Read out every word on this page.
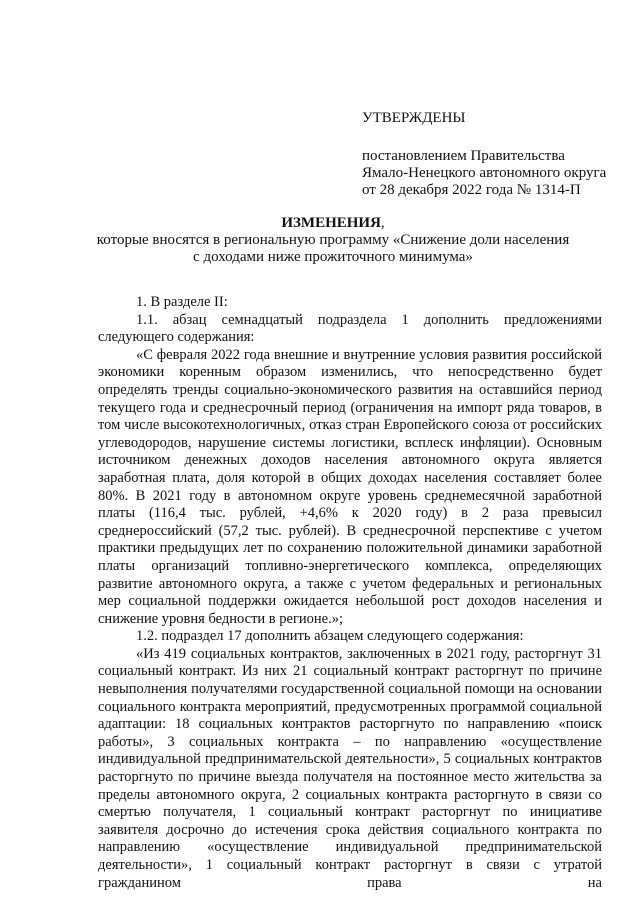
УТВЕРЖДЕНЫ
постановлением Правительства
Ямало-Ненецкого автономного округа
от 28 декабря 2022 года № 1314-П
ИЗМЕНЕНИЯ,
которые вносятся в региональную программу «Снижение доли населения с доходами ниже прожиточного минимума»

1. В разделе II:

1.1. абзац семнадцатый подраздела 1 дополнить предложениями следующего содержания:

«С февраля 2022 года внешние и внутренние условия развития российской экономики коренным образом изменились, что непосредственно будет определять тренды социально-экономического развития на оставшийся период текущего года и среднесрочный период (ограничения на импорт ряда товаров, в том числе высокотехнологичных, отказ стран Европейского союза от российских углеводородов, нарушение системы логистики, всплеск инфляции). Основным источником денежных доходов населения автономного округа является заработная плата, доля которой в общих доходах населения составляет более 80%. В 2021 году в автономном округе уровень среднемесячной заработной платы (116,4 тыс. рублей, +4,6% к 2020 году) в 2 раза превысил среднероссийский (57,2 тыс. рублей). В среднесрочной перспективе с учетом практики предыдущих лет по сохранению положительной динамики заработной платы организаций топливно-энергетического комплекса, определяющих развитие автономного округа, а также с учетом федеральных и региональных мер социальной поддержки ожидается небольшой рост доходов населения и снижение уровня бедности в регионе.»;

1.2. подраздел 17 дополнить абзацем следующего содержания:

«Из 419 социальных контрактов, заключенных в 2021 году, расторгнут 31 социальный контракт. Из них 21 социальный контракт расторгнут по причине невыполнения получателями государственной социальной помощи на основании социального контракта мероприятий, предусмотренных программой социальной адаптации: 18 социальных контрактов расторгнуто по направлению «поиск работы», 3 социальных контракта – по направлению «осуществление индивидуальной предпринимательской деятельности», 5 социальных контрактов расторгнуто по причине выезда получателя на постоянное место жительства за пределы автономного округа, 2 социальных контракта расторгнуто в связи со смертью получателя, 1 социальный контракт расторгнут по инициативе заявителя досрочно до истечения срока действия социального контракта по направлению «осуществление индивидуальной предпринимательской деятельности», 1 социальный контракт расторгнут в связи с утратой гражданином права на
